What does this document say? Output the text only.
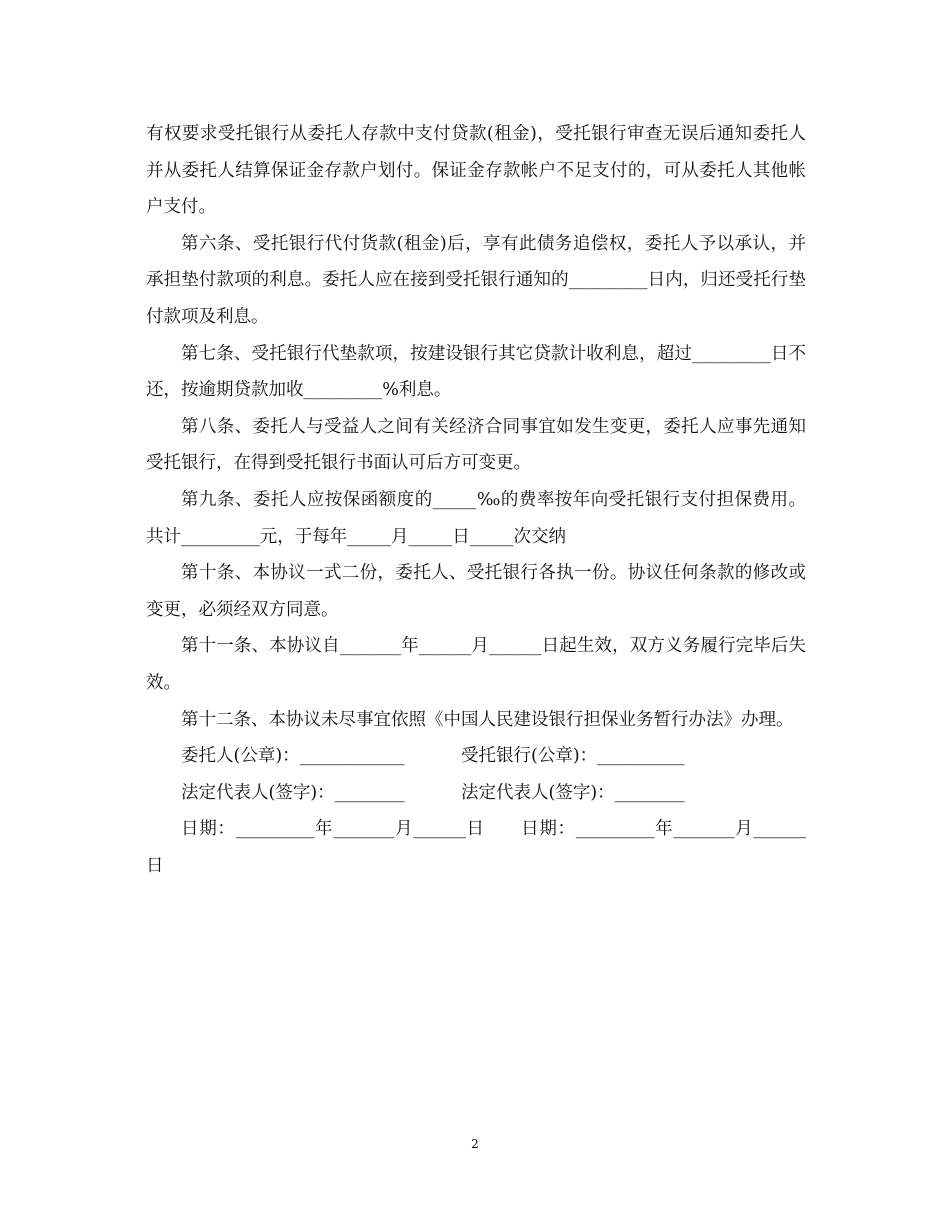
有权要求受托银行从委托人存款中支付贷款(租金)，受托银行审查无误后通知委托人并从委托人结算保证金存款户划付。保证金存款帐户不足支付的，可从委托人其他帐户支付。

第六条、受托银行代付货款(租金)后，享有此债务追偿权，委托人予以承认，并承担垫付款项的利息。委托人应在接到受托银行通知的_________日内，归还受托行垫付款项及利息。

第七条、受托银行代垫款项，按建设银行其它贷款计收利息，超过_________日不还，按逾期贷款加收_________%利息。

第八条、委托人与受益人之间有关经济合同事宜如发生变更，委托人应事先通知受托银行，在得到受托银行书面认可后方可变更。

第九条、委托人应按保函额度的_____‰的费率按年向受托银行支付担保费用。共计_________元，于每年_____月_____日_____次交纳

第十条、本协议一式二份，委托人、受托银行各执一份。协议任何条款的修改或变更，必须经双方同意。

第十一条、本协议自_______年______月______日起生效，双方义务履行完毕后失效。

第十二条、本协议未尽事宜依照《中国人民建设银行担保业务暂行办法》办理。

委托人(公章)：____________	受托银行(公章)：__________
法定代表人(签字)：________	法定代表人(签字)：________

日期：_________年_______月______日　　日期：_________年_______月______日

2
